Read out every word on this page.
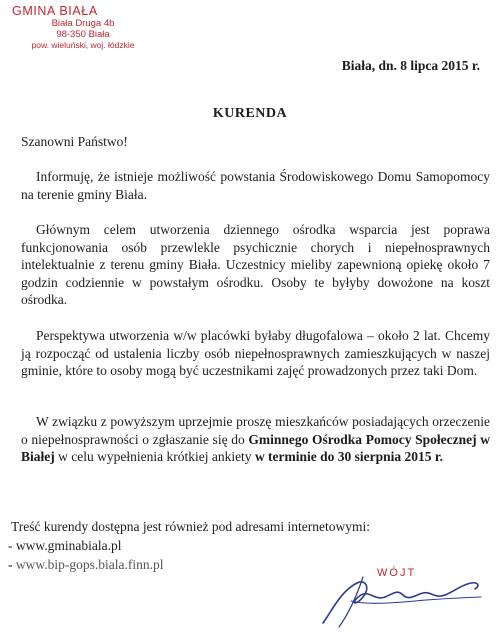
GMINA BIAŁA
Biała Druga 4b
98-350 Biała
pow. wieluński, woj. łódzkie
Biała, dn. 8 lipca 2015 r.
KURENDA
Szanowni Państwo!
Informuję, że istnieje możliwość powstania Środowiskowego Domu Samopomocy na terenie gminy Biała.
Głównym celem utworzenia dziennego ośrodka wsparcia jest poprawa funkcjonowania osób przewlekle psychicznie chorych i niepełnosprawnych intelektualnie z terenu gminy Biała. Uczestnicy mieliby zapewnioną opiekę około 7 godzin codziennie w powstałym ośrodku. Osoby te byłyby dowożone na koszt ośrodka.
Perspektywa utworzenia w/w placówki byłaby długofalowa – około 2 lat. Chcemy ją rozpocząć od ustalenia liczby osób niepełnosprawnych zamieszkujących w naszej gminie, które to osoby mogą być uczestnikami zajęć prowadzonych przez taki Dom.
W związku z powyższym uprzejmie proszę mieszkańców posiadających orzeczenie o niepełnosprawności o zgłaszanie się do Gminnego Ośrodka Pomocy Społecznej w Białej w celu wypełnienia krótkiej ankiety w terminie do 30 sierpnia 2015 r.
Treść kurendy dostępna jest również pod adresami internetowymi:
- www.gminabiala.pl
- www.bip-gops.biala.finn.pl
WÓJT
